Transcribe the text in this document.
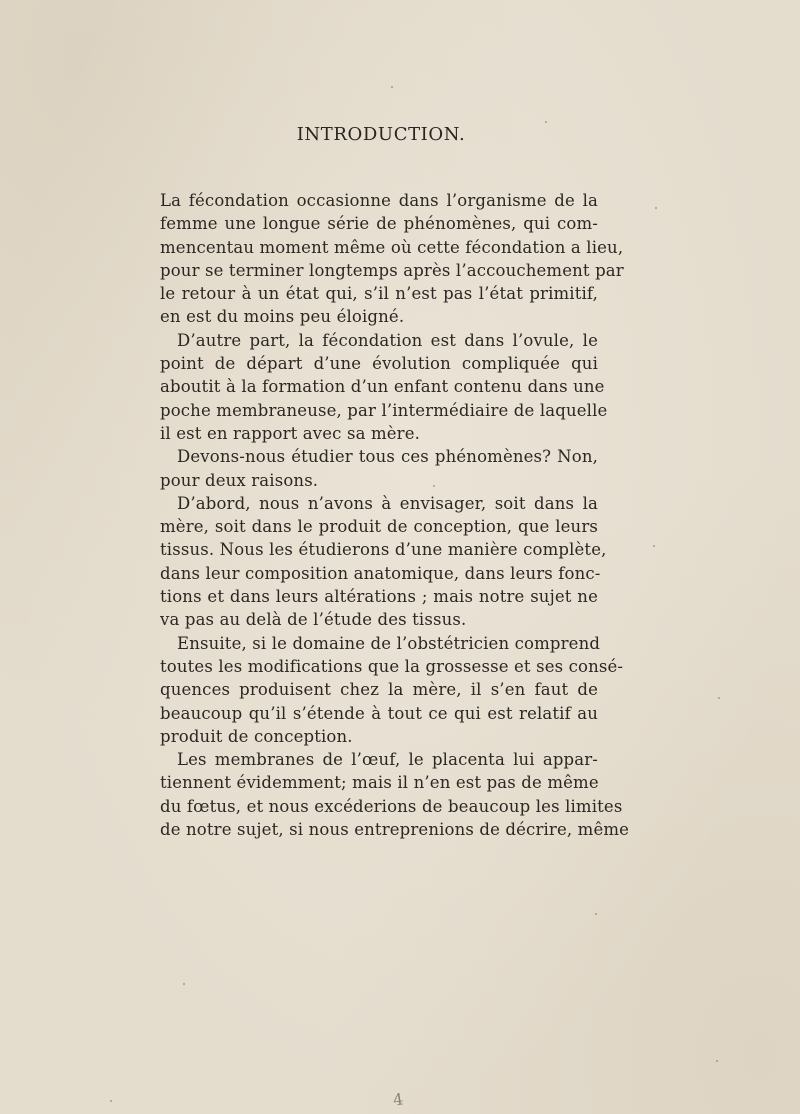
INTRODUCTION.
La fécondation occasionne dans l’organisme de la
femme une longue série de phénomènes, qui com-
mencentau moment même où cette fécondation a lieu,
pour se terminer longtemps après l’accouchement par
le retour à un état qui, s’il n’est pas l’état primitif,
en est du moins peu éloigné.
D’autre part, la fécondation est dans l’ovule, le
point de départ d’une évolution compliquée qui
aboutit à la formation d’un enfant contenu dans une
poche membraneuse, par l’intermédiaire de laquelle
il est en rapport avec sa mère.
Devons-nous étudier tous ces phénomènes? Non,
pour deux raisons.
D’abord, nous n’avons à envisager, soit dans la
mère, soit dans le produit de conception, que leurs
tissus. Nous les étudierons d’une manière complète,
dans leur composition anatomique, dans leurs fonc-
tions et dans leurs altérations ; mais notre sujet ne
va pas au delà de l’étude des tissus.
Ensuite, si le domaine de l’obstétricien comprend
toutes les modifications que la grossesse et ses consé-
quences produisent chez la mère, il s’en faut de
beaucoup qu’il s’étende à tout ce qui est relatif au
produit de conception.
Les membranes de l’œuf, le placenta lui appar-
tiennent évidemment; mais il n’en est pas de même
du fœtus, et nous excéderions de beaucoup les limites
de notre sujet, si nous entreprenions de décrire, même
4
